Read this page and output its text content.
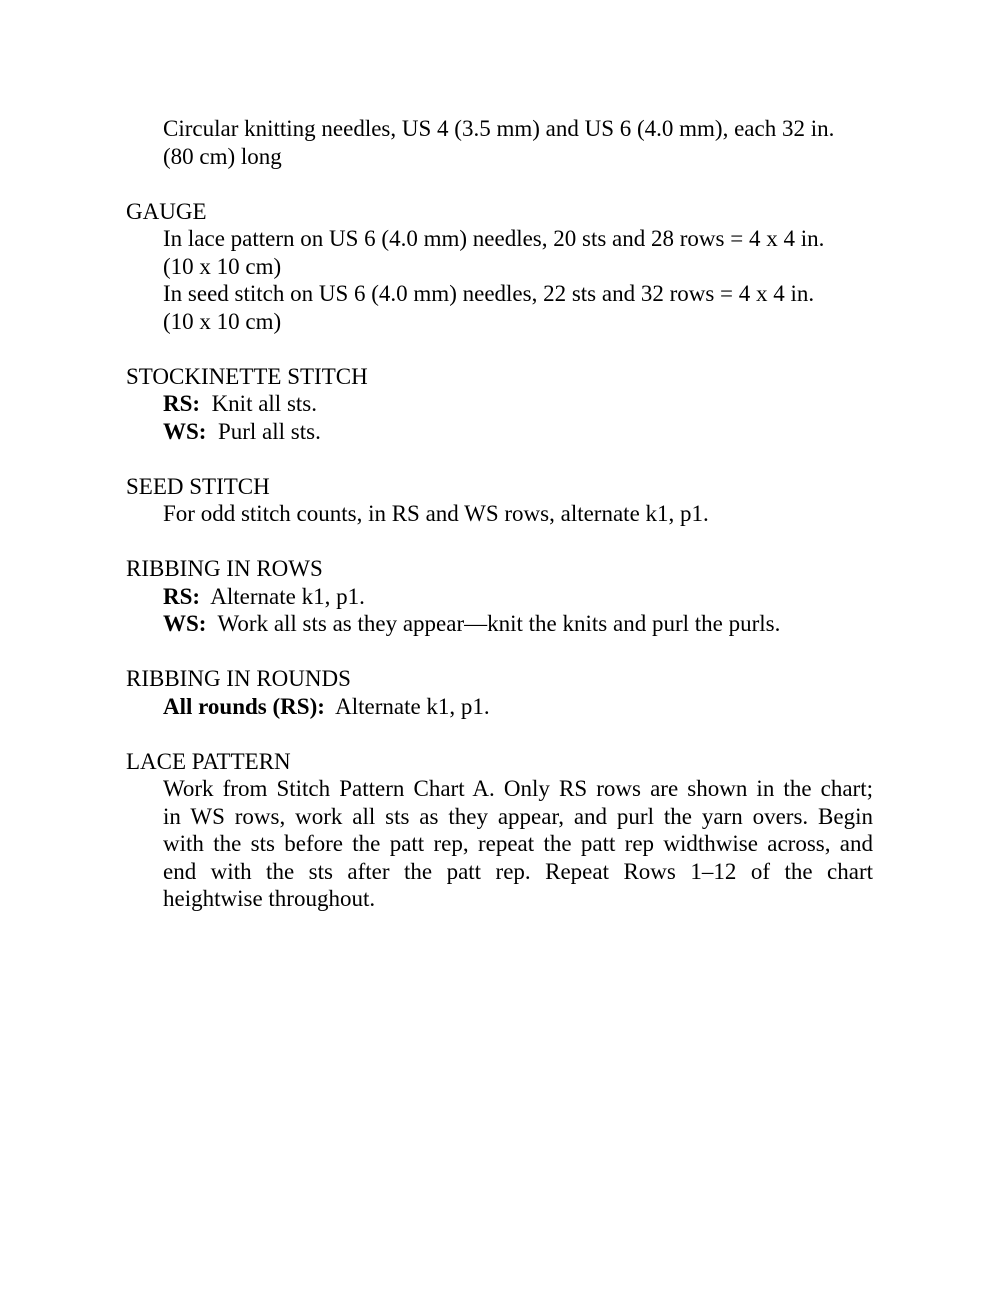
Circular knitting needles, US 4 (3.5 mm) and US 6 (4.0 mm), each 32 in.
(80 cm) long
GAUGE
In lace pattern on US 6 (4.0 mm) needles, 20 sts and 28 rows = 4 x 4 in.
(10 x 10 cm)
In seed stitch on US 6 (4.0 mm) needles, 22 sts and 32 rows = 4 x 4 in.
(10 x 10 cm)
STOCKINETTE STITCH
RS:  Knit all sts.
WS:  Purl all sts.
SEED STITCH
For odd stitch counts, in RS and WS rows, alternate k1, p1.
RIBBING IN ROWS
RS:  Alternate k1, p1.
WS:  Work all sts as they appear—knit the knits and purl the purls.
RIBBING IN ROUNDS
All rounds (RS):  Alternate k1, p1.
LACE PATTERN
Work from Stitch Pattern Chart A. Only RS rows are shown in the chart;
in WS rows, work all sts as they appear, and purl the yarn overs. Begin
with the sts before the patt rep, repeat the patt rep widthwise across, and
end with the sts after the patt rep. Repeat Rows 1–12 of the chart
heightwise throughout.
